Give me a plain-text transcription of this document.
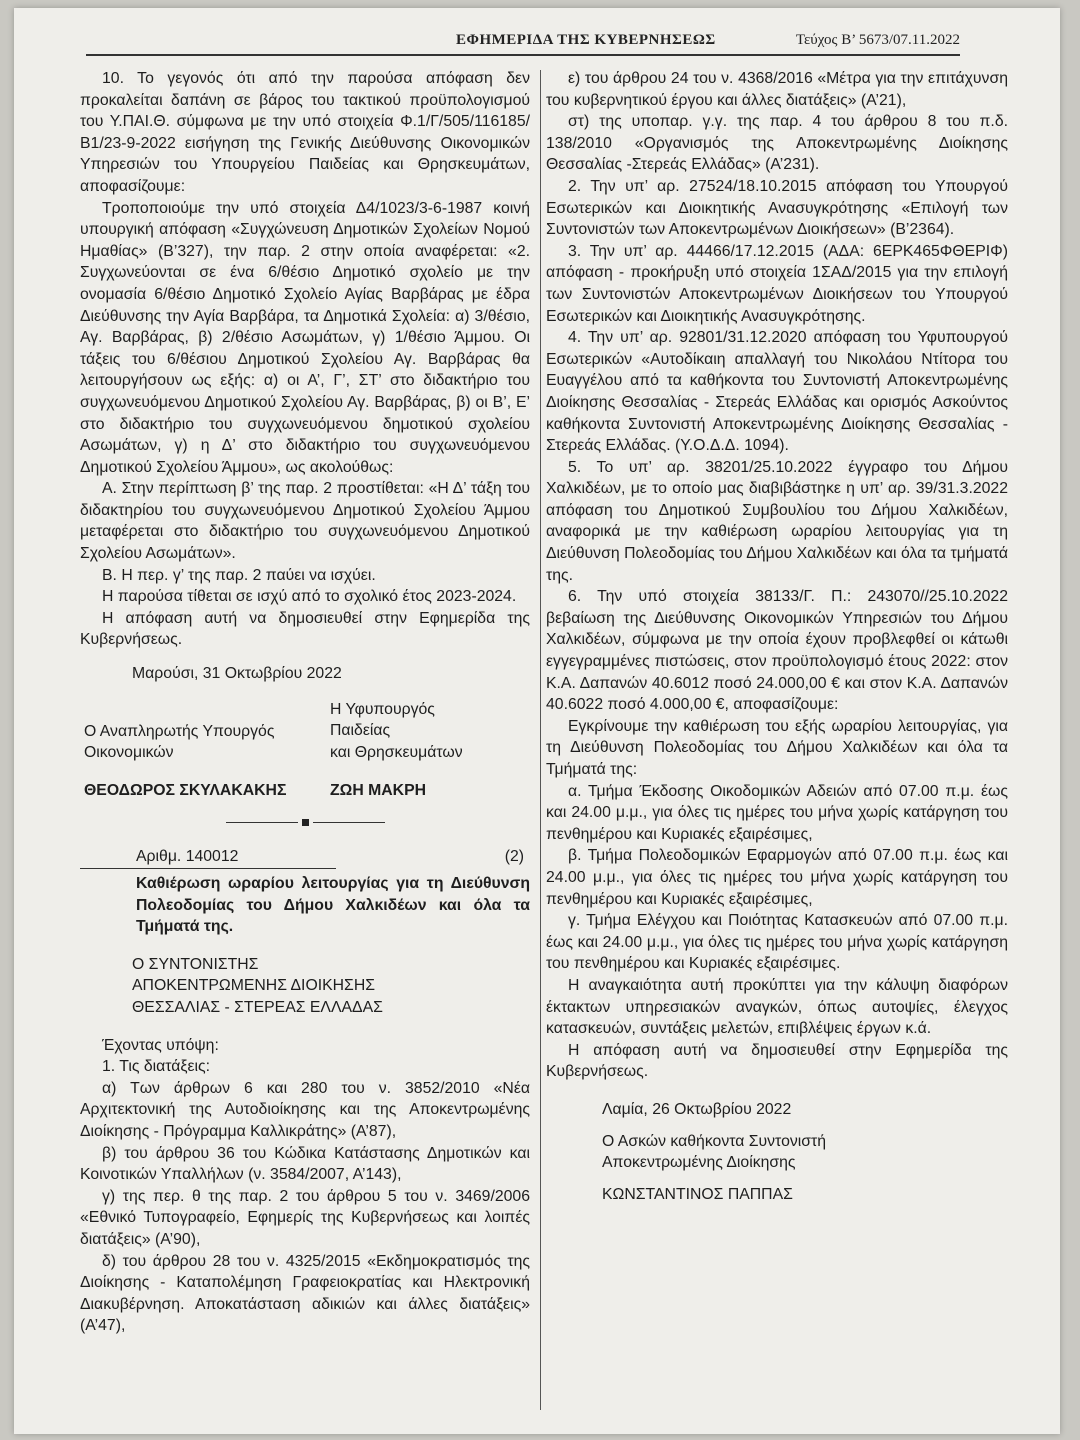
ΕΦΗΜΕΡΙΔΑ ΤΗΣ ΚΥΒΕΡΝΗΣΕΩΣ	Τεύχος Β’ 5673/07.11.2022

10. Το γεγονός ότι από την παρούσα απόφαση δεν προκαλείται δαπάνη σε βάρος του τακτικού προϋπολογισμού του Υ.ΠΑΙ.Θ. σύμφωνα με την υπό στοιχεία Φ.1/Γ/505/116185/Β1/23-9-2022 εισήγηση της Γενικής Διεύθυνσης Οικονομικών Υπηρεσιών του Υπουργείου Παιδείας και Θρησκευμάτων, αποφασίζουμε:

Τροποποιούμε την υπό στοιχεία Δ4/1023/3-6-1987 κοινή υπουργική απόφαση «Συγχώνευση Δημοτικών Σχολείων Νομού Ημαθίας» (Β’327), την παρ. 2 στην οποία αναφέρεται: «2. Συγχωνεύονται σε ένα 6/θέσιο Δημοτικό σχολείο με την ονομασία 6/θέσιο Δημοτικό Σχολείο Αγίας Βαρβάρας με έδρα Διεύθυνσης την Αγία Βαρβάρα, τα Δημοτικά Σχολεία: α) 3/θέσιο, Αγ. Βαρβάρας, β) 2/θέσιο Ασωμάτων, γ) 1/θέσιο Άμμου. Οι τάξεις του 6/θέσιου Δημοτικού Σχολείου Αγ. Βαρβάρας θα λειτουργήσουν ως εξής: α) οι Α’, Γ’, ΣΤ’ στο διδακτήριο του συγχωνευόμενου Δημοτικού Σχολείου Αγ. Βαρβάρας, β) οι Β’, Ε’ στο διδακτήριο του συγχωνευόμενου δημοτικού σχολείου Ασωμάτων, γ) η Δ’ στο διδακτήριο του συγχωνευόμενου Δημοτικού Σχολείου Άμμου», ως ακολούθως:

Α. Στην περίπτωση β’ της παρ. 2 προστίθεται: «Η Δ’ τάξη του διδακτηρίου του συγχωνευόμενου Δημοτικού Σχολείου Άμμου μεταφέρεται στο διδακτήριο του συγχωνευόμενου Δημοτικού Σχολείου Ασωμάτων».

Β. Η περ. γ’ της παρ. 2 παύει να ισχύει.

Η παρούσα τίθεται σε ισχύ από το σχολικό έτος 2023-2024.

Η απόφαση αυτή να δημοσιευθεί στην Εφημερίδα της Κυβερνήσεως.

Μαρούσι, 31 Οκτωβρίου 2022

Ο Αναπληρωτής Υπουργός
Οικονομικών
Η Υφυπουργός
Παιδείας
και Θρησκευμάτων
ΘΕΟΔΩΡΟΣ ΣΚΥΛΑΚΑΚΗΣ	ΖΩΗ ΜΑΚΡΗ
Αριθμ. 140012	(2)
Καθιέρωση ωραρίου λειτουργίας για τη Διεύθυνση Πολεοδομίας του Δήμου Χαλκιδέων και όλα τα Τμήματά της.
Ο ΣΥΝΤΟΝΙΣΤΗΣ
ΑΠΟΚΕΝΤΡΩΜΕΝΗΣ ΔΙΟΙΚΗΣΗΣ
ΘΕΣΣΑΛΙΑΣ - ΣΤΕΡΕΑΣ ΕΛΛΑΔΑΣ

Έχοντας υπόψη:

1. Τις διατάξεις:

α) Των άρθρων 6 και 280 του ν. 3852/2010 «Νέα Αρχιτεκτονική της Αυτοδιοίκησης και της Αποκεντρωμένης Διοίκησης - Πρόγραμμα Καλλικράτης» (Α’87),

β) του άρθρου 36 του Κώδικα Κατάστασης Δημοτικών και Κοινοτικών Υπαλλήλων (ν. 3584/2007, Α’143),

γ) της περ. θ της παρ. 2 του άρθρου 5 του ν. 3469/2006 «Εθνικό Τυπογραφείο, Εφημερίς της Κυβερνήσεως και λοιπές διατάξεις» (Α’90),

δ) του άρθρου 28 του ν. 4325/2015 «Εκδημοκρατισμός της Διοίκησης - Καταπολέμηση Γραφειοκρατίας και Ηλεκτρονική Διακυβέρνηση. Αποκατάσταση αδικιών και άλλες διατάξεις» (Α’47),

ε) του άρθρου 24 του ν. 4368/2016 «Μέτρα για την επιτάχυνση του κυβερνητικού έργου και άλλες διατάξεις» (Α’21),

στ) της υποπαρ. γ.γ. της παρ. 4 του άρθρου 8 του π.δ. 138/2010 «Οργανισμός της Αποκεντρωμένης Διοίκησης Θεσσαλίας -Στερεάς Ελλάδας» (Α’231).

2. Την υπ’ αρ. 27524/18.10.2015 απόφαση του Υπουργού Εσωτερικών και Διοικητικής Ανασυγκρότησης «Επιλογή των Συντονιστών των Αποκεντρωμένων Διοικήσεων» (Β’2364).

3. Την υπ’ αρ. 44466/17.12.2015 (ΑΔΑ: 6ΕΡΚ465ΦΘΕΡΙΦ) απόφαση - προκήρυξη υπό στοιχεία 1ΣΑΔ/2015 για την επιλογή των Συντονιστών Αποκεντρωμένων Διοικήσεων του Υπουργού Εσωτερικών και Διοικητικής Ανασυγκρότησης.

4. Την υπ’ αρ. 92801/31.12.2020 απόφαση του Υφυπουργού Εσωτερικών «Αυτοδίκαιη απαλλαγή του Νικολάου Ντίτορα του Ευαγγέλου από τα καθήκοντα του Συντονιστή Αποκεντρωμένης Διοίκησης Θεσσαλίας - Στερεάς Ελλάδας και ορισμός Ασκούντος καθήκοντα Συντονιστή Αποκεντρωμένης Διοίκησης Θεσσαλίας - Στερεάς Ελλάδας. (Υ.Ο.Δ.Δ. 1094).

5. Το υπ’ αρ. 38201/25.10.2022 έγγραφο του Δήμου Χαλκιδέων, με το οποίο μας διαβιβάστηκε η υπ’ αρ. 39/31.3.2022 απόφαση του Δημοτικού Συμβουλίου του Δήμου Χαλκιδέων, αναφορικά με την καθιέρωση ωραρίου λειτουργίας για τη Διεύθυνση Πολεοδομίας του Δήμου Χαλκιδέων και όλα τα τμήματά της.

6. Την υπό στοιχεία 38133/Γ. Π.: 243070//25.10.2022 βεβαίωση της Διεύθυνσης Οικονομικών Υπηρεσιών του Δήμου Χαλκιδέων, σύμφωνα με την οποία έχουν προβλεφθεί οι κάτωθι εγγεγραμμένες πιστώσεις, στον προϋπολογισμό έτους 2022: στον Κ.Α. Δαπανών 40.6012 ποσό 24.000,00 € και στον Κ.Α. Δαπανών 40.6022 ποσό 4.000,00 €, αποφασίζουμε:

Εγκρίνουμε την καθιέρωση του εξής ωραρίου λειτουργίας, για τη Διεύθυνση Πολεοδομίας του Δήμου Χαλκιδέων και όλα τα Τμήματά της:

α. Τμήμα Έκδοσης Οικοδομικών Αδειών από 07.00 π.μ. έως και 24.00 μ.μ., για όλες τις ημέρες του μήνα χωρίς κατάργηση του πενθημέρου και Κυριακές εξαιρέσιμες,

β. Τμήμα Πολεοδομικών Εφαρμογών από 07.00 π.μ. έως και 24.00 μ.μ., για όλες τις ημέρες του μήνα χωρίς κατάργηση του πενθημέρου και Κυριακές εξαιρέσιμες,

γ. Τμήμα Ελέγχου και Ποιότητας Κατασκευών από 07.00 π.μ. έως και 24.00 μ.μ., για όλες τις ημέρες του μήνα χωρίς κατάργηση του πενθημέρου και Κυριακές εξαιρέσιμες.

Η αναγκαιότητα αυτή προκύπτει για την κάλυψη διαφόρων έκτακτων υπηρεσιακών αναγκών, όπως αυτοψίες, έλεγχος κατασκευών, συντάξεις μελετών, επιβλέψεις έργων κ.ά.

Η απόφαση αυτή να δημοσιευθεί στην Εφημερίδα της Κυβερνήσεως.

Λαμία, 26 Οκτωβρίου 2022

Ο Ασκών καθήκοντα Συντονιστή

Αποκεντρωμένης Διοίκησης

ΚΩΝΣΤΑΝΤΙΝΟΣ ΠΑΠΠΑΣ
